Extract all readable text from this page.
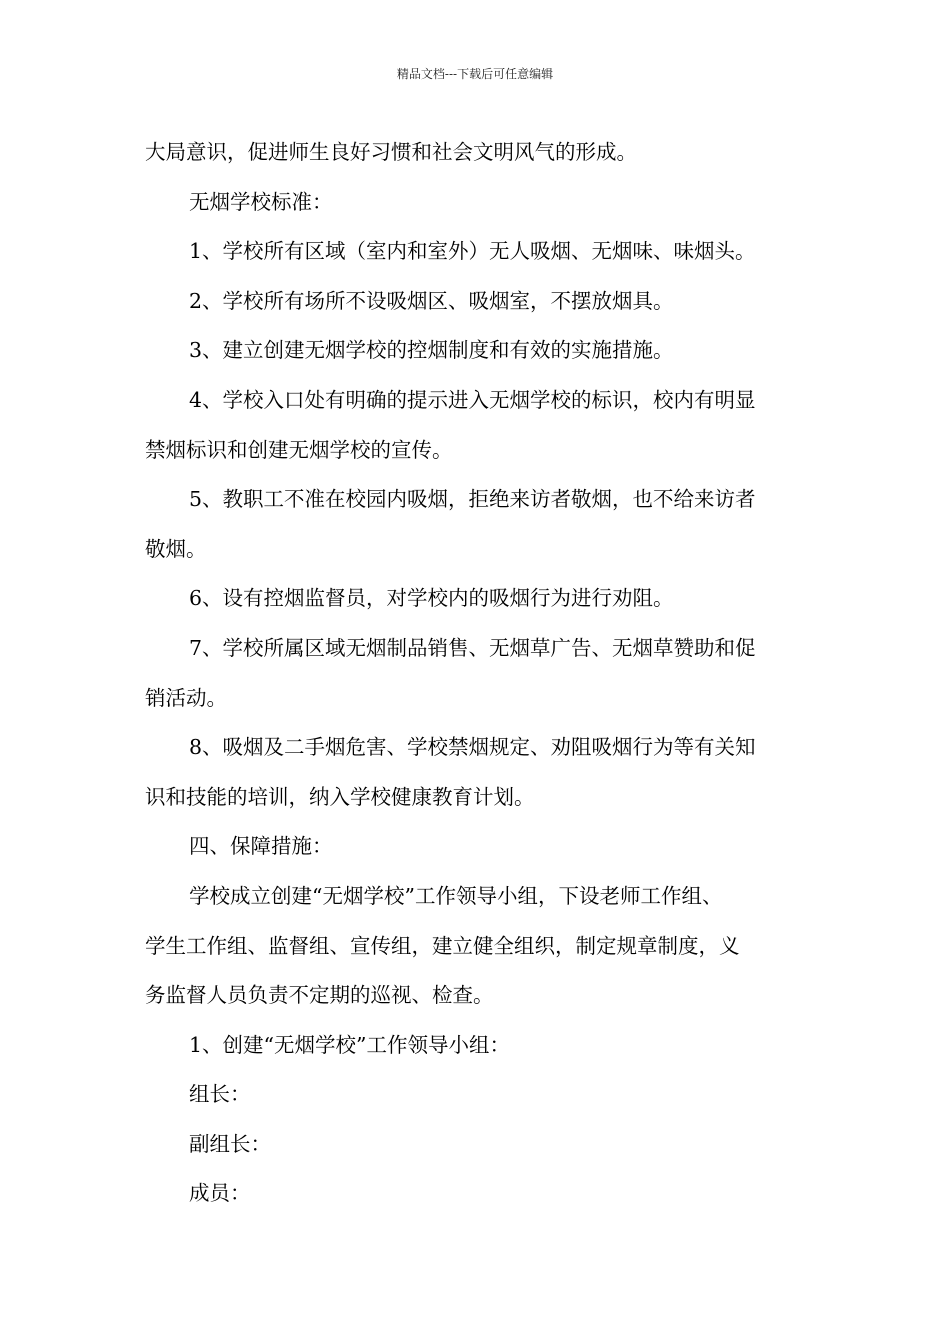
精品文档---下载后可任意编辑
大局意识，促进师生良好习惯和社会文明风气的形成。
无烟学校标准：
1、学校所有区域（室内和室外）无人吸烟、无烟味、味烟头。
2、学校所有场所不设吸烟区、吸烟室，不摆放烟具。
3、建立创建无烟学校的控烟制度和有效的实施措施。
4、学校入口处有明确的提示进入无烟学校的标识，校内有明显
禁烟标识和创建无烟学校的宣传。
5、教职工不准在校园内吸烟，拒绝来访者敬烟，也不给来访者
敬烟。
6、设有控烟监督员，对学校内的吸烟行为进行劝阻。
7、学校所属区域无烟制品销售、无烟草广告、无烟草赞助和促
销活动。
8、吸烟及二手烟危害、学校禁烟规定、劝阻吸烟行为等有关知
识和技能的培训，纳入学校健康教育计划。
四、保障措施：
学校成立创建“无烟学校”工作领导小组，下设老师工作组、
学生工作组、监督组、宣传组，建立健全组织，制定规章制度，义
务监督人员负责不定期的巡视、检查。
1、创建“无烟学校”工作领导小组：
组长：
副组长：
成员：
